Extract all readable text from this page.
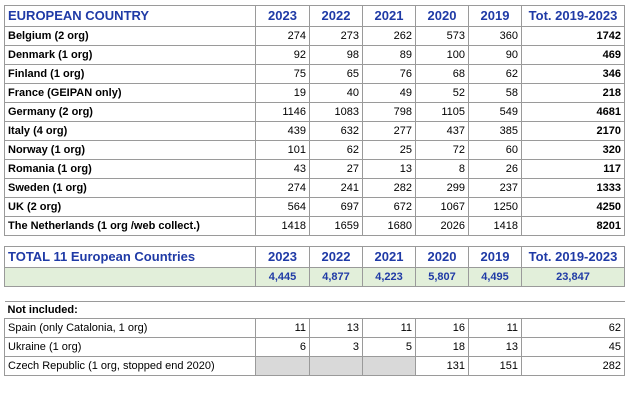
EUROPEAN COUNTRY	2023	2022	2021	2020	2019	Tot. 2019-2023
Belgium (2 org)	274	273	262	573	360	1742
Denmark (1 org)	92	98	89	100	90	469
Finland (1 org)	75	65	76	68	62	346
France (GEIPAN only)	19	40	49	52	58	218
Germany (2 org)	1146	1083	798	1105	549	4681
Italy (4 org)	439	632	277	437	385	2170
Norway (1 org)	101	62	25	72	60	320
Romania (1 org)	43	27	13	8	26	117
Sweden (1 org)	274	241	282	299	237	1333
UK (2 org)	564	697	672	1067	1250	4250
The Netherlands (1 org /web collect.)	1418	1659	1680	2026	1418	8201

TOTAL 11 European Countries	2023	2022	2021	2020	2019	Tot. 2019-2023
	4,445	4,877	4,223	5,807	4,495	23,847

Not included:						
Spain (only Catalonia, 1 org)	11	13	11	16	11	62
Ukraine (1 org)	6	3	5	18	13	45
Czech Republic (1 org, stopped end 2020)				131	151	282
